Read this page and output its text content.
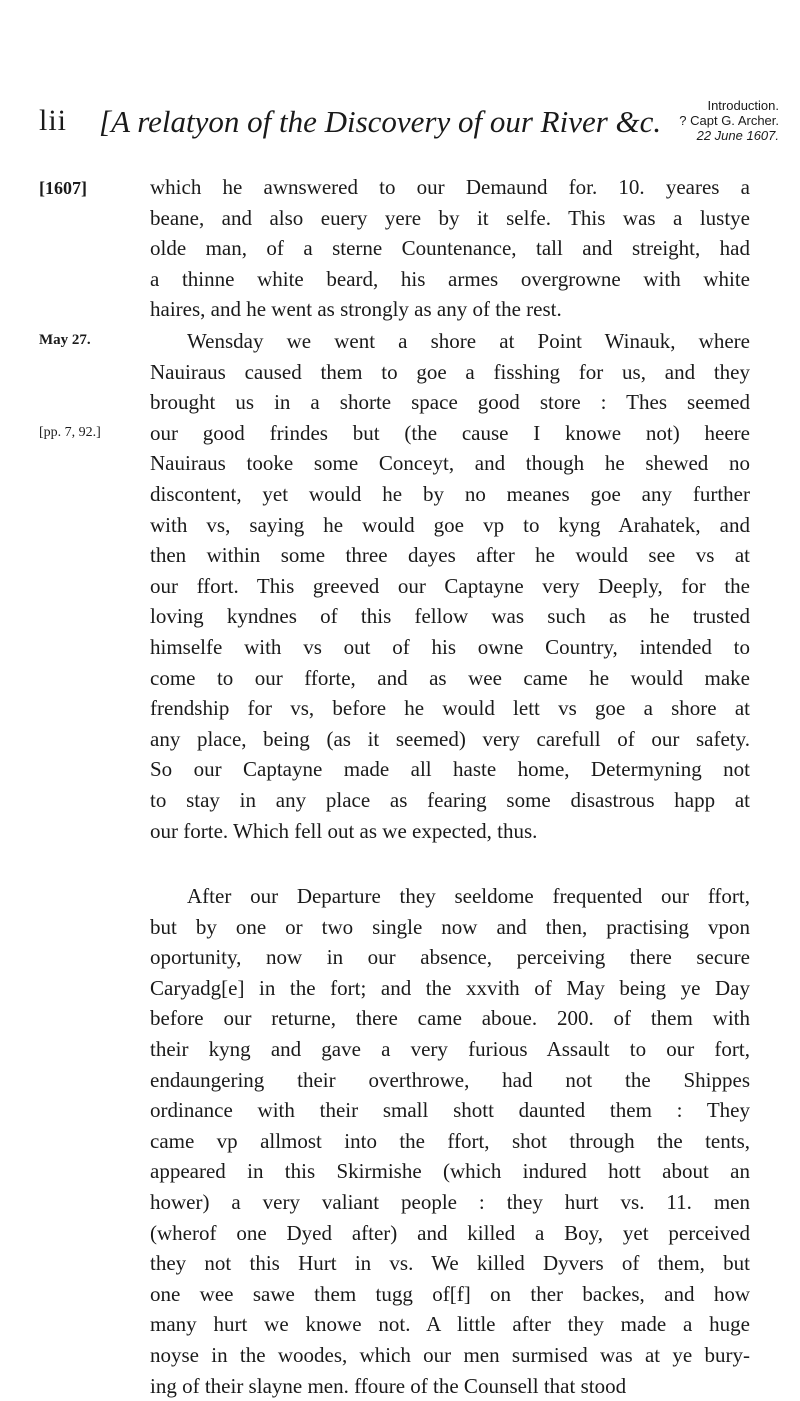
lii [A relatyon of the Discovery of our River &c.	Introduction.
? Capt G. Archer.
22 June 1607.
[1607]
May 27.
[pp. 7, 92.]
which he awnswered to our Demaund for. 10. yeares a
beane, and also euery yere by it selfe. This was a lustye
olde man, of a sterne Countenance, tall and streight, had
a thinne white beard, his armes overgrowne with white
haires, and he went as strongly as any of the rest.
Wensday we went a shore at Point Winauk, where
Nauiraus caused them to goe a fisshing for us, and they
brought us in a shorte space good store : Thes seemed
our good frindes but (the cause I knowe not) heere
Nauiraus tooke some Conceyt, and though he shewed no
discontent, yet would he by no meanes goe any further
with vs, saying he would goe vp to kyng Arahatek, and
then within some three dayes after he would see vs at
our ffort. This greeved our Captayne very Deeply, for the
loving kyndnes of this fellow was such as he trusted
himselfe with vs out of his owne Country, intended to
come to our fforte, and as wee came he would make
frendship for vs, before he would lett vs goe a shore at
any place, being (as it seemed) very carefull of our safety.
So our Captayne made all haste home, Determyning not
to stay in any place as fearing some disastrous happ at
our forte. Which fell out as we expected, thus.
After our Departure they seeldome frequented our ffort,
but by one or two single now and then, practising vpon
oportunity, now in our absence, perceiving there secure
Caryadg[e] in the fort; and the xxvith of May being ye Day
before our returne, there came aboue. 200. of them with
their kyng and gave a very furious Assault to our fort,
endaungering their overthrowe, had not the Shippes
ordinance with their small shott daunted them : They
came vp allmost into the ffort, shot through the tents,
appeared in this Skirmishe (which indured hott about an
hower) a very valiant people : they hurt vs. 11. men
(wherof one Dyed after) and killed a Boy, yet perceived
they not this Hurt in vs. We killed Dyvers of them, but
one wee sawe them tugg of[f] on ther backes, and how
many hurt we knowe not. A little after they made a huge
noyse in the woodes, which our men surmised was at ye bury-
ing of their slayne men. ffoure of the Counsell that stood
